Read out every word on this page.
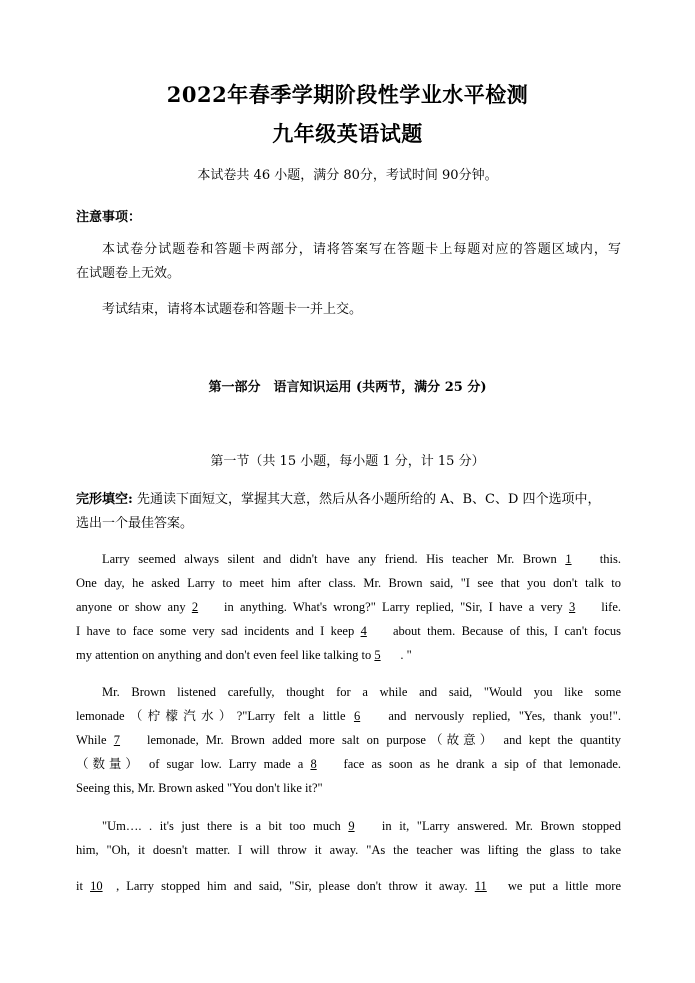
2022年春季学期阶段性学业水平检测
九年级英语试题
本试卷共 46 小题，满分 80分，考试时间 90分钟。
注意事项：
本试卷分试题卷和答题卡两部分，请将答案写在答题卡上每题对应的答题区域内，写
在试题卷上无效。
考试结束，请将本试题卷和答题卡一并上交。
第一部分　语言知识运用 (共两节，满分 25 分)
第一节（共 15 小题，每小题 1 分，计 15 分）
完形填空: 先通读下面短文，掌握其大意，然后从各小题所给的 A、B、C、D 四个选项中，
选出一个最佳答案。
Larry seemed always silent and didn't have any friend. His teacher Mr. Brown 1 this.
One day, he asked Larry to meet him after class. Mr. Brown said, "I see that you don't talk to
anyone or show any 2 in anything. What's wrong?" Larry replied, "Sir, I have a very 3 life.
I have to face some very sad incidents and I keep 4 about them. Because of this, I can't focus
my attention on anything and don't even feel like talking to 5 . "
Mr. Brown listened carefully, thought for a while and said, "Would you like some
lemonade（柠檬汽水）?"Larry felt a little 6 and nervously replied, "Yes, thank you!".
While 7 lemonade, Mr. Brown added more salt on purpose（故意） and kept the quantity
（数量） of sugar low. Larry made a 8 face as soon as he drank a sip of that lemonade.
Seeing this, Mr. Brown asked "You don't like it?"
"Um…. . it's just there is a bit too much 9 in it, "Larry answered. Mr. Brown stopped
him, "Oh, it doesn't matter. I will throw it away. "As the teacher was lifting the glass to take
it 10 , Larry stopped him and said, "Sir, please don't throw it away. 11 we put a little more
